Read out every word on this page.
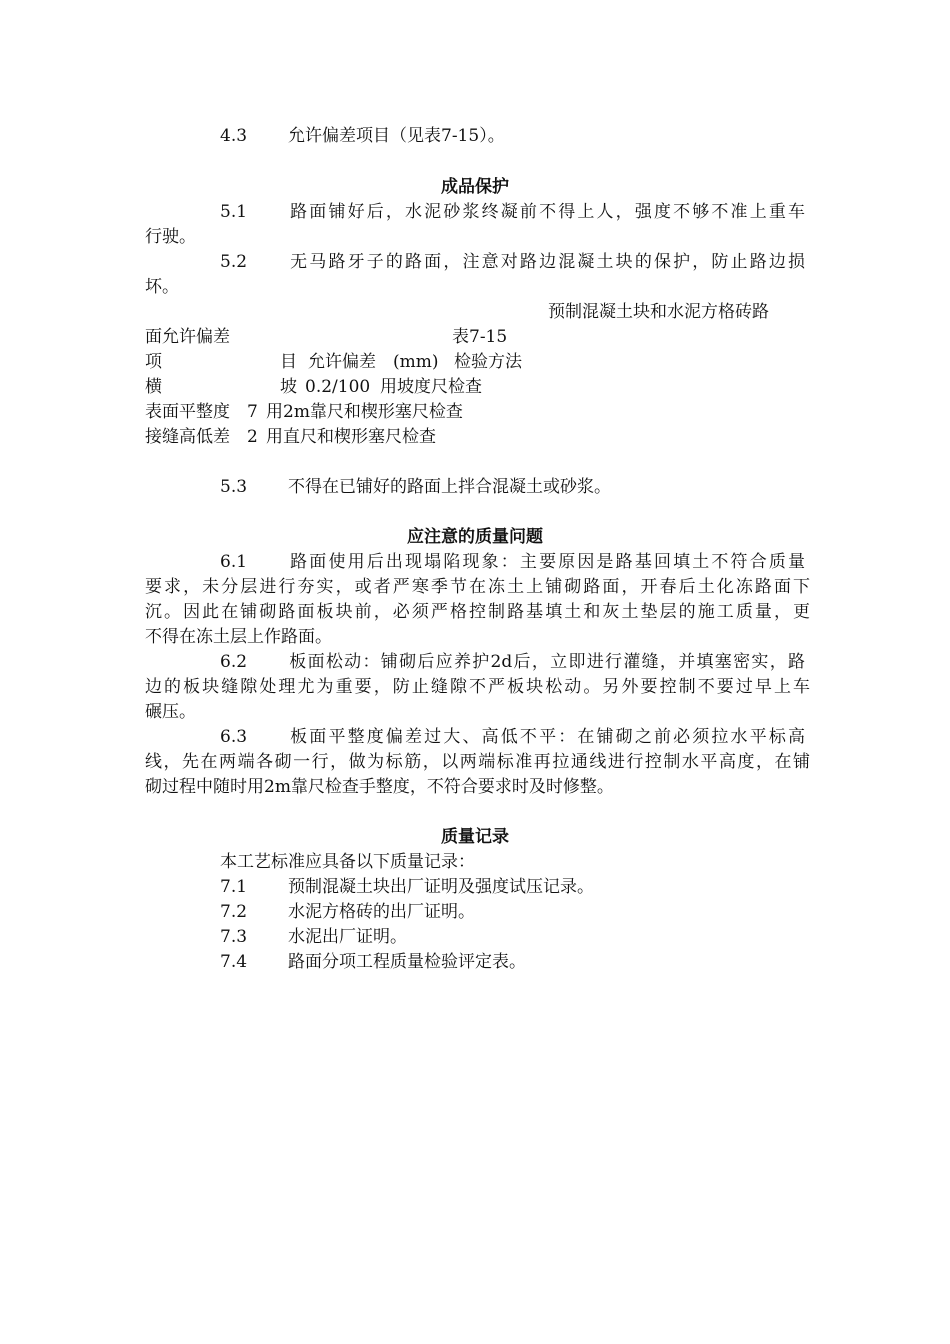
4.3 允许偏差项目（见表7-15）。
成品保护
5.1 路面铺好后，水泥砂浆终凝前不得上人，强度不够不准上重车
行驶。
5.2 无马路牙子的路面，注意对路边混凝土块的保护，防止路边损
坏。
预制混凝土块和水泥方格砖路
面允许偏差	表7-15
项	目 允许偏差　(mm) 检验方法
横	坡 0.2/100 用坡度尺检查
表面平整度	7 用2m靠尺和楔形塞尺检查
接缝高低差	2 用直尺和楔形塞尺检查
5.3 不得在已铺好的路面上拌合混凝土或砂浆。
应注意的质量问题
6.1 路面使用后出现塌陷现象：主要原因是路基回填土不符合质量
要求，未分层进行夯实，或者严寒季节在冻土上铺砌路面，开春后土化冻路面下
沉。因此在铺砌路面板块前，必须严格控制路基填土和灰土垫层的施工质量，更
不得在冻土层上作路面。
6.2 板面松动：铺砌后应养护2d后，立即进行灌缝，并填塞密实，路
边的板块缝隙处理尤为重要，防止缝隙不严板块松动。另外要控制不要过早上车
碾压。
6.3 板面平整度偏差过大、高低不平：在铺砌之前必须拉水平标高
线，先在两端各砌一行，做为标筋，以两端标准再拉通线进行控制水平高度，在铺
砌过程中随时用2m靠尺检查手整度，不符合要求时及时修整。
质量记录
本工艺标准应具备以下质量记录：
7.1 预制混凝土块出厂证明及强度试压记录。
7.2 水泥方格砖的出厂证明。
7.3 水泥出厂证明。
7.4 路面分项工程质量检验评定表。
